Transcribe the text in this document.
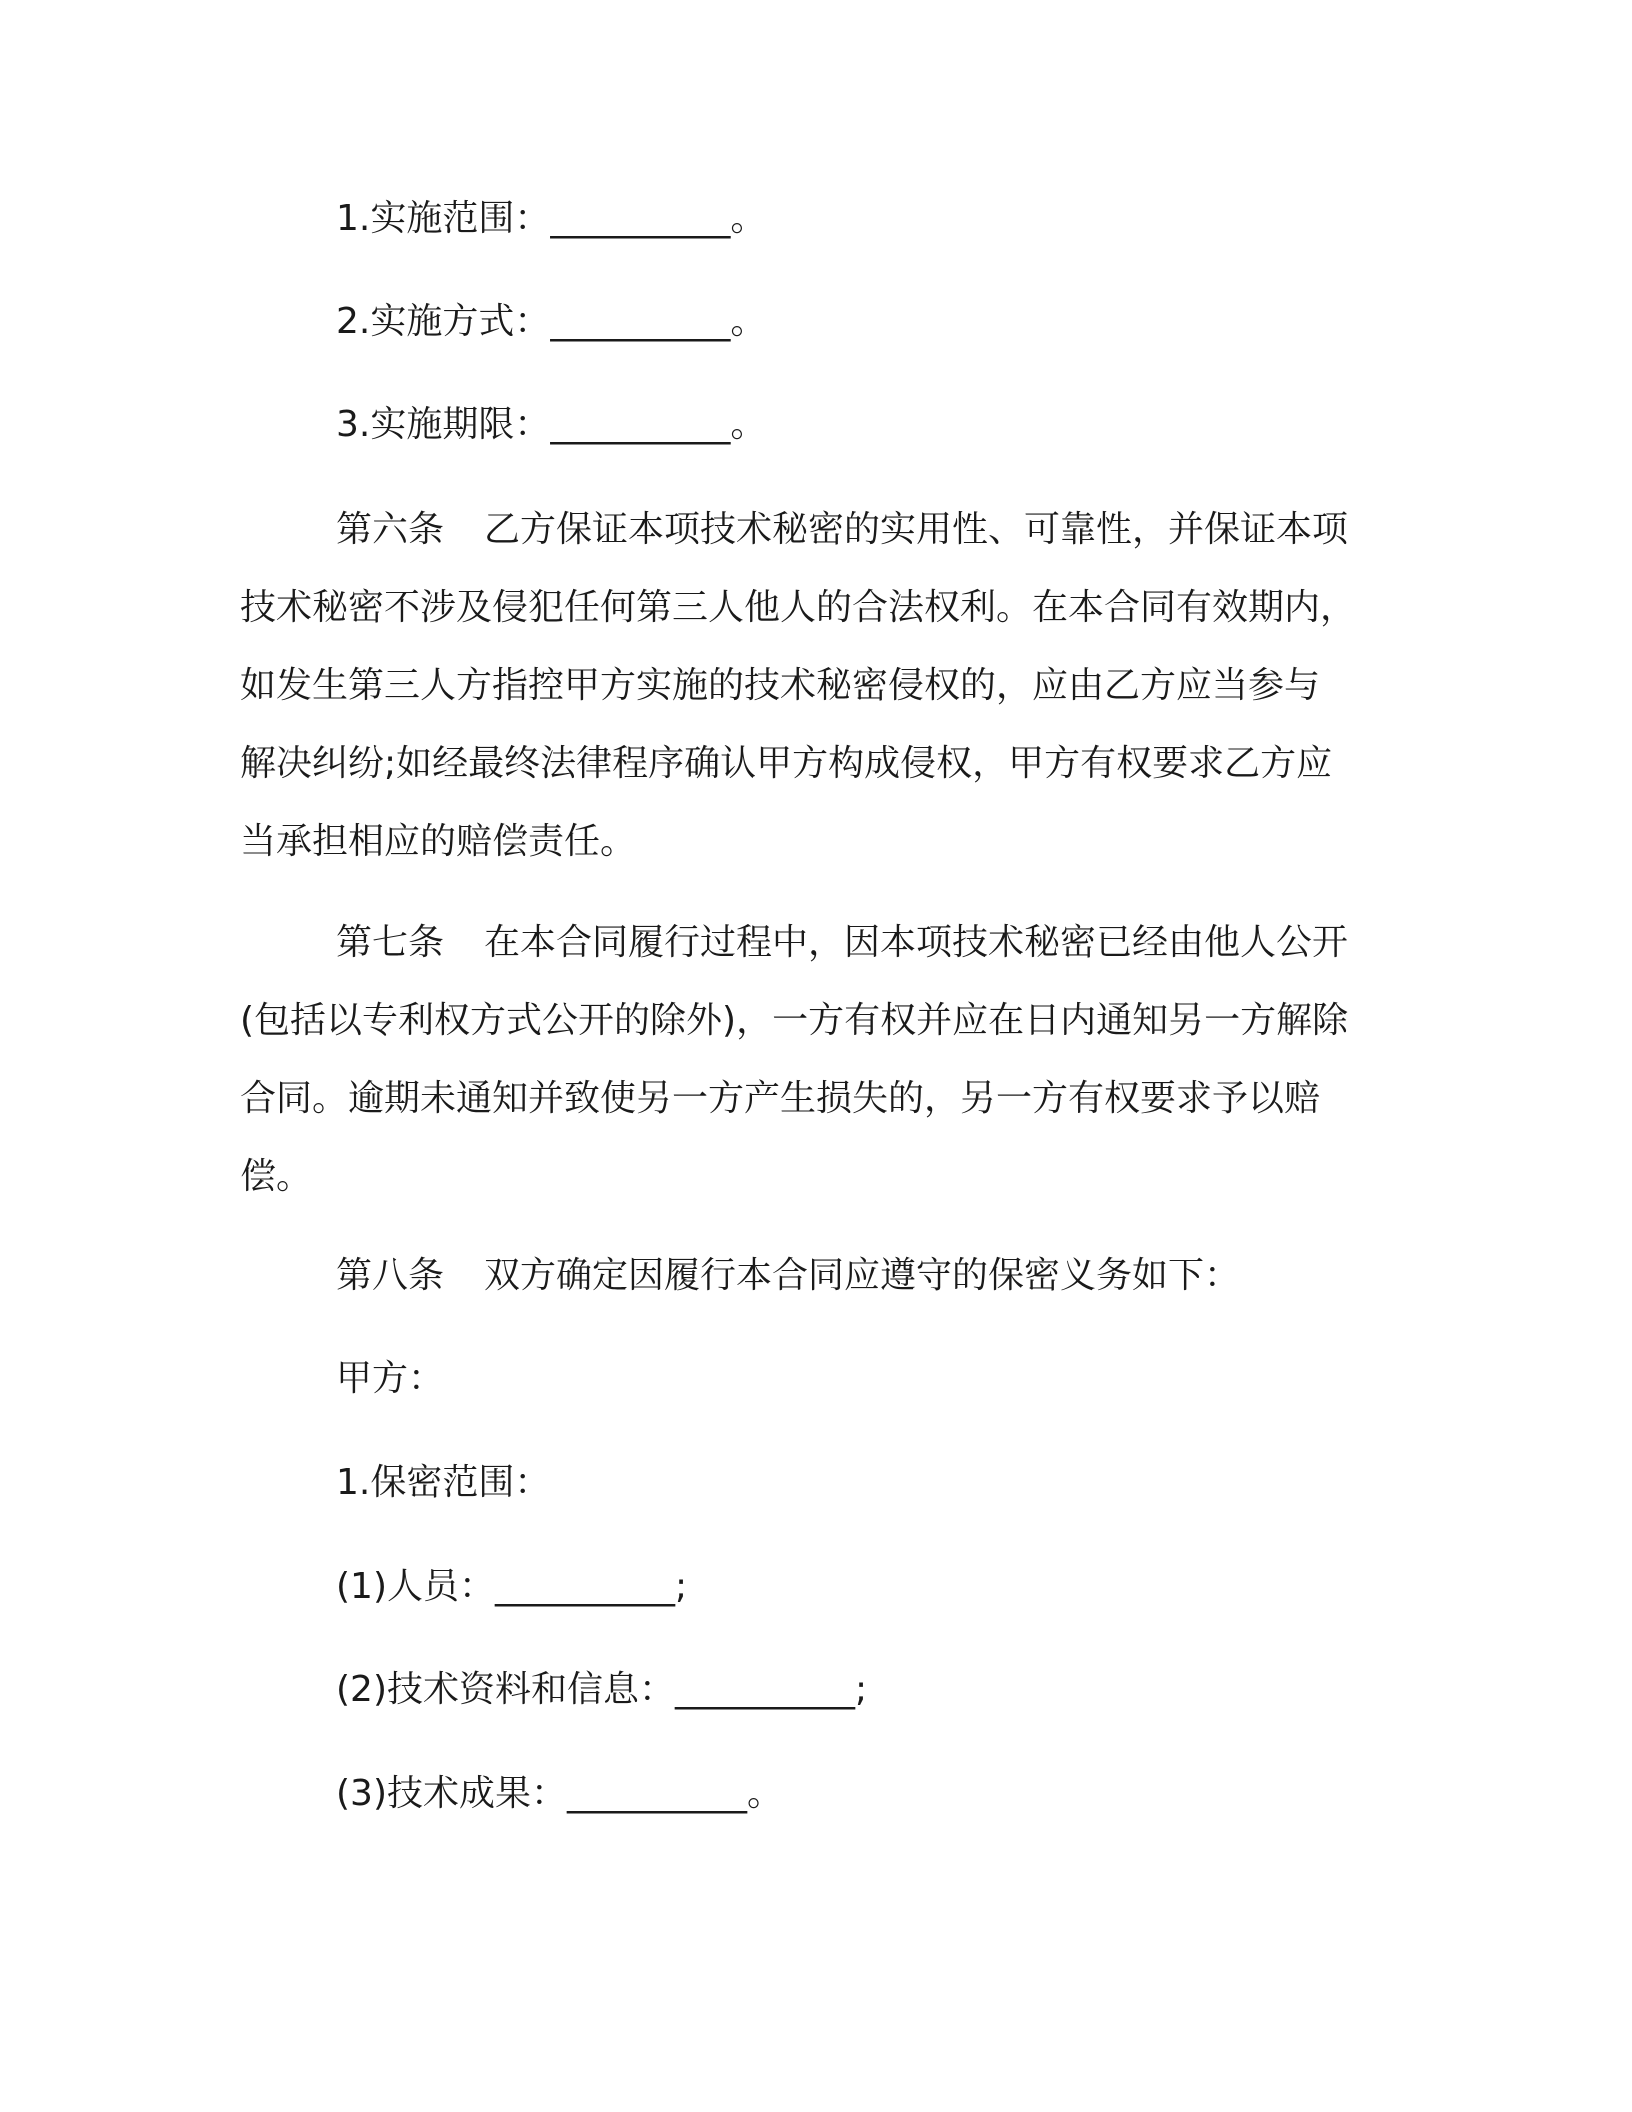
1.实施范围：__________。

2.实施方式：__________。

3.实施期限：__________。

第六条 乙方保证本项技术秘密的实用性、可靠性，并保证本项
技术秘密不涉及侵犯任何第三人他人的合法权利。在本合同有效期内，
如发生第三人方指控甲方实施的技术秘密侵权的，应由乙方应当参与
解决纠纷;如经最终法律程序确认甲方构成侵权，甲方有权要求乙方应
当承担相应的赔偿责任。
第七条 在本合同履行过程中，因本项技术秘密已经由他人公开
(包括以专利权方式公开的除外)，一方有权并应在日内通知另一方解除
合同。逾期未通知并致使另一方产生损失的，另一方有权要求予以赔
偿。
第八条 双方确定因履行本合同应遵守的保密义务如下：

甲方：

1.保密范围：

(1)人员：__________;

(2)技术资料和信息：__________;

(3)技术成果：__________。
